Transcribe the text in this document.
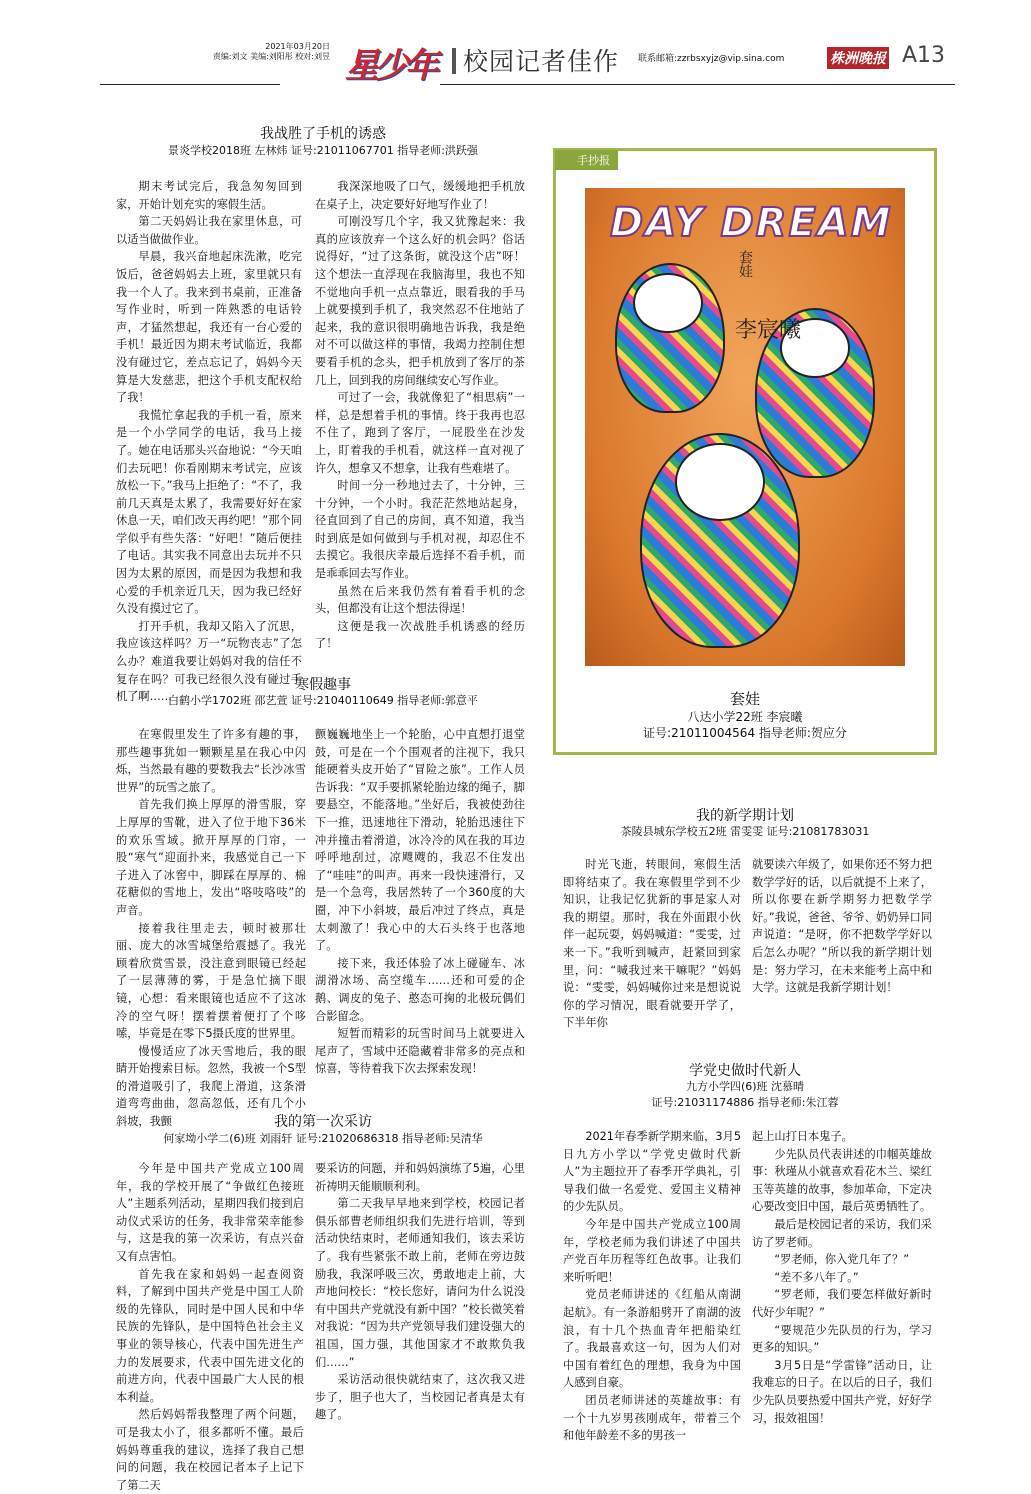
2021年03月20日
责编:刘文 美编:刘阳彤 校对:刘昱 星少年 校园记者佳作 联系邮箱:zzrbsxyjz@vip.sina.com	株洲晚报 A13
我战胜了手机的诱惑
景炎学校2018班 左林炜 证号:21011067701 指导老师:洪跃强

期末考试完后，我急匆匆回到家，开始计划充实的寒假生活。

第二天妈妈让我在家里休息，可以适当做做作业。

早晨，我兴奋地起床洗漱，吃完饭后，爸爸妈妈去上班，家里就只有我一个人了。我来到书桌前，正准备写作业时，听到一阵熟悉的电话铃声，才猛然想起，我还有一台心爱的手机！最近因为期末考试临近，我都没有碰过它，差点忘记了，妈妈今天算是大发慈悲，把这个手机支配权给了我！

我慌忙拿起我的手机一看，原来是一个小学同学的电话，我马上接了。她在电话那头兴奋地说：“今天咱们去玩吧！你看刚期末考试完，应该放松一下。”我马上拒绝了：“不了，我前几天真是太累了，我需要好好在家休息一天，咱们改天再约吧！”那个同学似乎有些失落：“好吧！”随后便挂了电话。其实我不同意出去玩并不只因为太累的原因，而是因为我想和我心爱的手机亲近几天，因为我已经好久没有摸过它了。

打开手机，我却又陷入了沉思，我应该这样吗？万一“玩物丧志”了怎么办？难道我要让妈妈对我的信任不复存在吗？可我已经很久没有碰过手机了啊……

我深深地吸了口气，缓缓地把手机放在桌子上，决定要好好地写作业了！

可刚没写几个字，我又犹豫起来：我真的应该放弃一个这么好的机会吗？俗话说得好，“过了这条街，就没这个店”呀！这个想法一直浮现在我脑海里，我也不知不觉地向手机一点点靠近，眼看我的手马上就要摸到手机了，我突然忍不住地站了起来，我的意识很明确地告诉我，我是绝对不可以做这样的事情，我竭力控制住想要看手机的念头，把手机放到了客厅的茶几上，回到我的房间继续安心写作业。

可过了一会，我就像犯了“相思病”一样，总是想着手机的事情。终于我再也忍不住了，跑到了客厅，一屁股坐在沙发上，盯着我的手机看，就这样一直对视了许久，想拿又不想拿，让我有些难堪了。

时间一分一秒地过去了，十分钟，三十分钟，一个小时。我茫茫然地站起身，径直回到了自己的房间，真不知道，我当时到底是如何做到与手机对视，却忍住不去摸它。我很庆幸最后选择不看手机，而是乖乖回去写作业。

虽然在后来我仍然有着看手机的念头，但都没有让这个想法得逞！

这便是我一次战胜手机诱惑的经历了！

手抄报
DAY DREAM
套娃
李宸曦
套娃
八达小学22班 李宸曦
证号:21011004564 指导老师:贺应分
寒假趣事
白鹤小学1702班 邵艺萱 证号:21040110649 指导老师:郭意平

在寒假里发生了许多有趣的事，那些趣事犹如一颗颗星星在我心中闪烁，当然最有趣的要数我去“长沙冰雪世界”的玩雪之旅了。

首先我们换上厚厚的滑雪服，穿上厚厚的雪靴，进入了位于地下36米的欢乐雪域。掀开厚厚的门帘，一股“寒气”迎面扑来，我感觉自己一下子进入了冰窖中，脚踩在厚厚的、棉花糖似的雪地上，发出“咯吱咯吱”的声音。

接着我往里走去，顿时被那壮丽、庞大的冰雪城堡给震撼了。我光顾着欣赏雪景，没注意到眼镜已经起了一层薄薄的雾，于是急忙摘下眼镜，心想：看来眼镜也适应不了这冰冷的空气呀！摆着摆着便打了个哆嗦，毕竟是在零下5摄氏度的世界里。

慢慢适应了冰天雪地后，我的眼睛开始搜索目标。忽然，我被一个S型的滑道吸引了，我爬上滑道，这条滑道弯弯曲曲，忽高忽低，还有几个小斜坡，我颤

颤巍巍地坐上一个轮胎，心中直想打退堂鼓，可是在一个个围观者的注视下，我只能硬着头皮开始了“冒险之旅”。工作人员告诉我：“双手要抓紧轮胎边缘的绳子，脚要悬空，不能落地。”坐好后，我被使劲往下一推，迅速地往下滑动，轮胎迅速往下冲并撞击着滑道，冰冷冷的风在我的耳边呼呼地刮过，凉飕飕的，我忍不住发出了“哇哇”的叫声。再来一段快速滑行，又是一个急弯，我居然转了一个360度的大圈，冲下小斜坡，最后冲过了终点，真是太刺激了！我心中的大石头终于也落地了。

接下来，我还体验了冰上碰碰车、冰湖滑冰场、高空缆车……还和可爱的企鹅、调皮的兔子、憨态可掬的北极玩偶们合影留念。

短暂而精彩的玩雪时间马上就要进入尾声了，雪域中还隐藏着非常多的亮点和惊喜，等待着我下次去探索发现！

我的新学期计划
茶陵县城东学校五2班 雷雯雯 证号:21081783031

时光飞逝，转眼间，寒假生活即将结束了。我在寒假里学到不少知识，让我记忆犹新的事是家人对我的期望。那时，我在外面跟小伙伴一起玩耍，妈妈喊道：“雯雯，过来一下。”我听到喊声，赶紧回到家里，问：“喊我过来干嘛呢？”妈妈说：“雯雯，妈妈喊你过来是想说说你的学习情况，眼看就要开学了，下半年你

就要读六年级了，如果你还不努力把数学学好的话，以后就提不上来了，所以你要在新学期努力把数学学好。”我说，爸爸、爷爷、奶奶异口同声说道：“是呀，你不把数学学好以后怎么办呢？”所以我的新学期计划是：努力学习，在未来能考上高中和大学。这就是我新学期计划！

学党史做时代新人
九方小学四(6)班 沈慕晴
证号:21031174886 指导老师:朱江蓉

2021年春季新学期来临，3月5日九方小学以“学党史做时代新人”为主题拉开了春季开学典礼，引导我们做一名爱党、爱国主义精神的少先队员。

今年是中国共产党成立100周年，学校老师为我们讲述了中国共产党百年历程等红色故事。让我们来听听吧！

党员老师讲述的《红船从南湖起航》。有一条游船劈开了南湖的波浪，有十几个热血青年把船染红了。我最喜欢这一句，因为人们对中国有着红色的理想，我身为中国人感到自豪。

团员老师讲述的英雄故事：有一个十九岁男孩刚成年，带着三个和他年龄差不多的男孩一

起上山打日本鬼子。

少先队员代表讲述的巾帼英雄故事：秋瑾从小就喜欢看花木兰、梁红玉等英雄的故事，参加革命，下定决心要改变旧中国，最后英勇牺牲了。

最后是校园记者的采访，我们采访了罗老师。

“罗老师，你入党几年了？”

“差不多八年了。”

“罗老师，我们要怎样做好新时代好少年呢？”

“要规范少先队员的行为，学习更多的知识。”

3月5日是“学雷锋”活动日，让我难忘的日子。在以后的日子，我们少先队员要热爱中国共产党，好好学习，报效祖国！

我的第一次采访
何家坳小学二(6)班 刘雨轩 证号:21020686318 指导老师:吴清华

今年是中国共产党成立100周年，我的学校开展了“争做红色接班人”主题系列活动，星期四我们接到启动仪式采访的任务，我非常荣幸能参与，这是我的第一次采访，有点兴奋又有点害怕。

首先我在家和妈妈一起查阅资料，了解到中国共产党是中国工人阶级的先锋队，同时是中国人民和中华民族的先锋队，是中国特色社会主义事业的领导核心，代表中国先进生产力的发展要求，代表中国先进文化的前进方向，代表中国最广大人民的根本利益。

然后妈妈帮我整理了两个问题，可是我太小了，很多都听不懂。最后妈妈尊重我的建议，选择了我自己想问的问题，我在校园记者本子上记下了第二天

要采访的问题，并和妈妈演练了5遍，心里祈祷明天能顺顺利利。

第二天我早早地来到学校，校园记者俱乐部曹老师组织我们先进行培训，等到活动快结束时，老师通知我们，该去采访了。我有些紧张不敢上前，老师在旁边鼓励我，我深呼吸三次，勇敢地走上前，大声地问校长：“校长您好，请问为什么说没有中国共产党就没有新中国？”校长微笑着对我说：“因为共产党领导我们建设强大的祖国，国力强，其他国家才不敢欺负我们……”

采访活动很快就结束了，这次我又进步了，胆子也大了，当校园记者真是太有趣了。
